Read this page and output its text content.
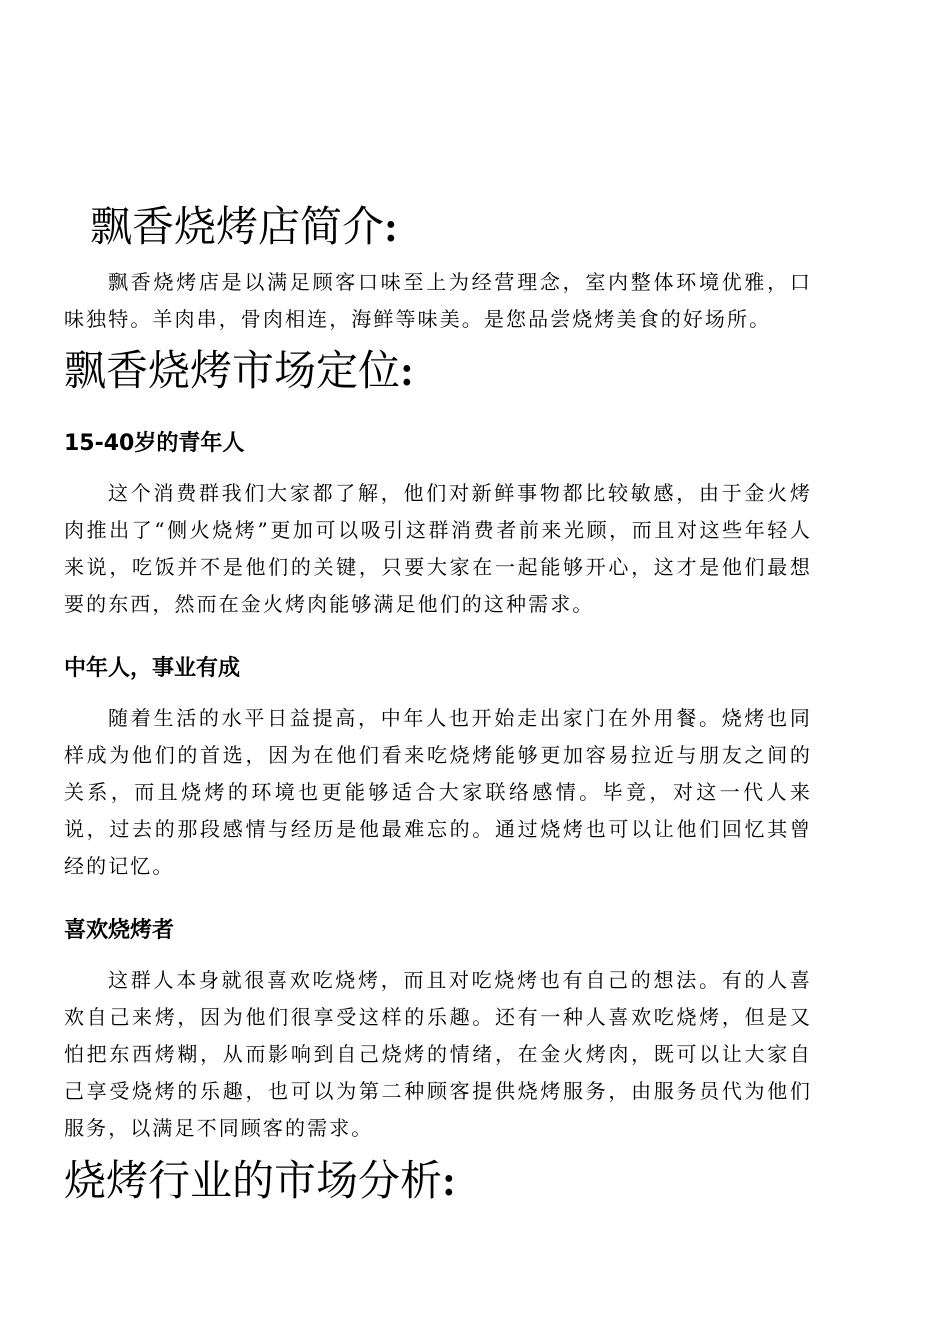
飘香烧烤店简介:

飘香烧烤店是以满足顾客口味至上为经营理念，室内整体环境优雅，口味独特。羊肉串，骨肉相连，海鲜等味美。是您品尝烧烤美食的好场所。

飘香烧烤市场定位:
15-40岁的青年人

这个消费群我们大家都了解，他们对新鲜事物都比较敏感，由于金火烤肉推出了“侧火烧烤”更加可以吸引这群消费者前来光顾，而且对这些年轻人来说，吃饭并不是他们的关键，只要大家在一起能够开心，这才是他们最想要的东西，然而在金火烤肉能够满足他们的这种需求。

中年人，事业有成

随着生活的水平日益提高，中年人也开始走出家门在外用餐。烧烤也同样成为他们的首选，因为在他们看来吃烧烤能够更加容易拉近与朋友之间的关系，而且烧烤的环境也更能够适合大家联络感情。毕竟，对这一代人来说，过去的那段感情与经历是他最难忘的。通过烧烤也可以让他们回忆其曾经的记忆。

喜欢烧烤者

这群人本身就很喜欢吃烧烤，而且对吃烧烤也有自己的想法。有的人喜欢自己来烤，因为他们很享受这样的乐趣。还有一种人喜欢吃烧烤，但是又怕把东西烤糊，从而影响到自己烧烤的情绪，在金火烤肉，既可以让大家自己享受烧烤的乐趣，也可以为第二种顾客提供烧烤服务，由服务员代为他们服务，以满足不同顾客的需求。

烧烤行业的市场分析:
